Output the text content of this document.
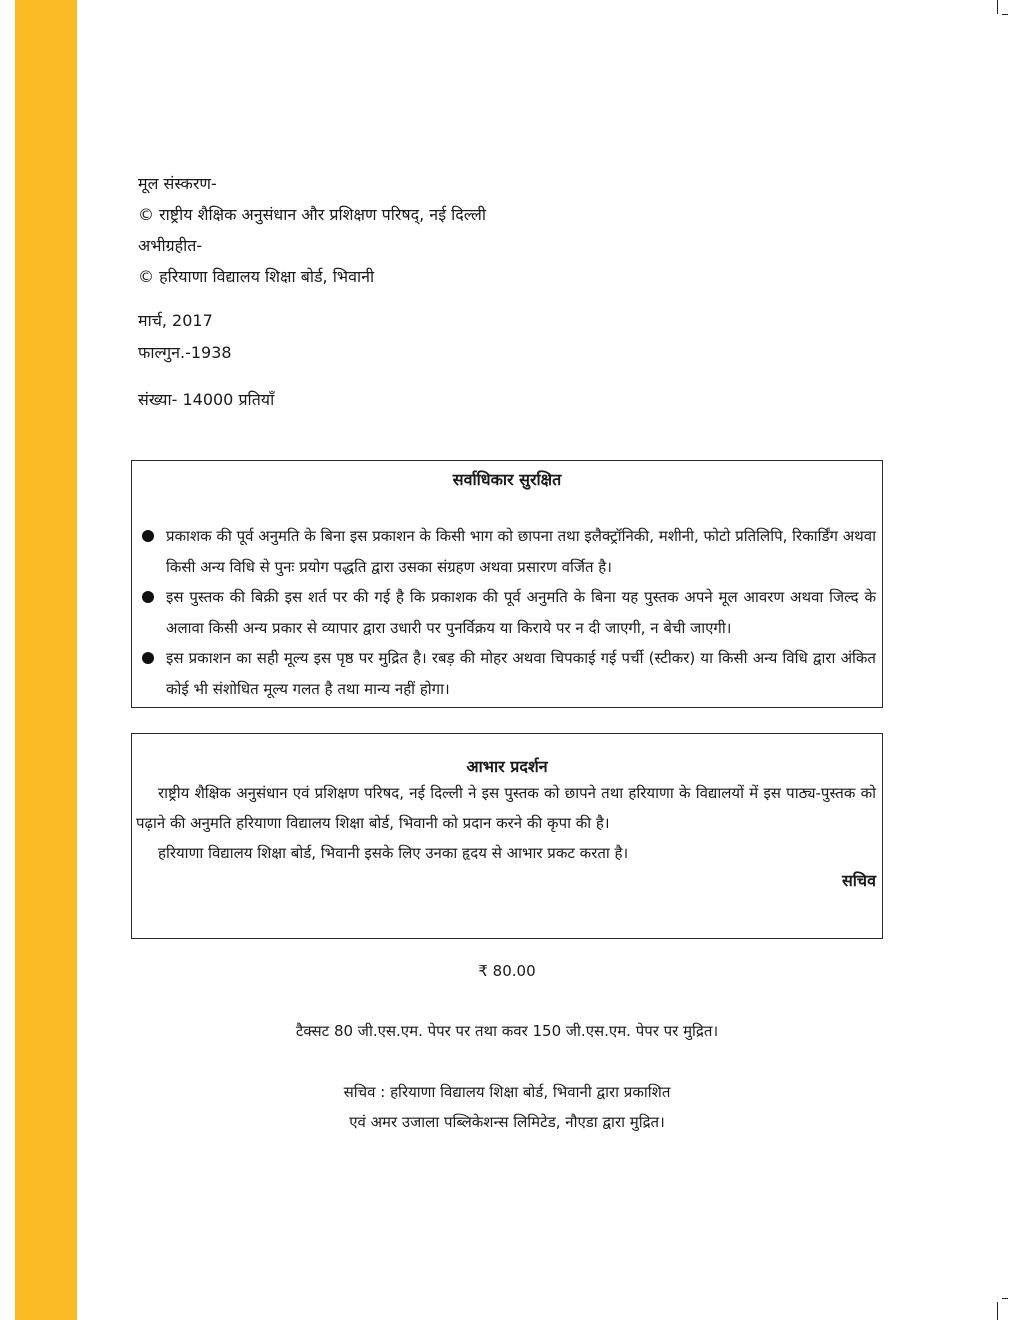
मूल संस्करण-
© राष्ट्रीय शैक्षिक अनुसंधान और प्रशिक्षण परिषद्, नई दिल्ली
अभीग्रहीत-
© हरियाणा विद्यालय शिक्षा बोर्ड, भिवानी
मार्च, 2017
फाल्गुन.-1938
संख्या- 14000 प्रतियाँ
सर्वाधिकार सुरक्षित
प्रकाशक की पूर्व अनुमति के बिना इस प्रकाशन के किसी भाग को छापना तथा इलैक्ट्रॉनिकी, मशीनी, फोटो प्रतिलिपि, रिकार्डिंग अथवा किसी अन्य विधि से पुनः प्रयोग पद्धति द्वारा उसका संग्रहण अथवा प्रसारण वर्जित है।
इस पुस्तक की बिक्री इस शर्त पर की गई है कि प्रकाशक की पूर्व अनुमति के बिना यह पुस्तक अपने मूल आवरण अथवा जिल्द के अलावा किसी अन्य प्रकार से व्यापार द्वारा उधारी पर पुनर्विक्रय या किराये पर न दी जाएगी, न बेची जाएगी।
इस प्रकाशन का सही मूल्य इस पृष्ठ पर मुद्रित है। रबड़ की मोहर अथवा चिपकाई गई पर्ची (स्टीकर) या किसी अन्य विधि द्वारा अंकित कोई भी संशोधित मूल्य गलत है तथा मान्य नहीं होगा।
आभार प्रदर्शन

राष्ट्रीय शैक्षिक अनुसंधान एवं प्रशिक्षण परिषद, नई दिल्ली ने इस पुस्तक को छापने तथा हरियाणा के विद्यालयों में इस पाठ्य-पुस्तक को पढ़ाने की अनुमति हरियाणा विद्यालय शिक्षा बोर्ड, भिवानी को प्रदान करने की कृपा की है।

हरियाणा विद्यालय शिक्षा बोर्ड, भिवानी इसके लिए उनका हृदय से आभार प्रकट करता है।

सचिव
₹ 80.00
टैक्सट 80 जी.एस.एम. पेपर पर तथा कवर 150 जी.एस.एम. पेपर पर मुद्रित।
सचिव : हरियाणा विद्यालय शिक्षा बोर्ड, भिवानी द्वारा प्रकाशित
एवं अमर उजाला पब्लिकेशन्स लिमिटेड, नौएडा द्वारा मुद्रित।
